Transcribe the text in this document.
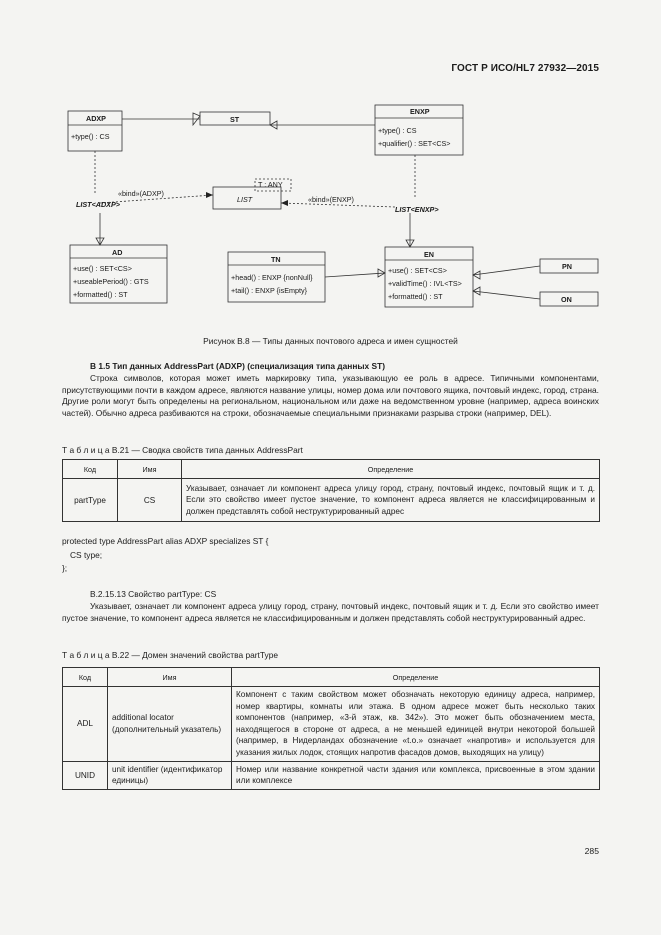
ГОСТ Р ИСО/HL7 27932—2015
ADXP
+type() : CS
ST
ENXP
+type() : CS
+qualifier() : SET<CS>
T : ANY
LIST
«bind»(ADXP)
«bind»(ENXP)
LIST<ADXP>
LIST<ENXP>
AD
+use() : SET<CS>
+useablePeriod() : GTS
+formatted() : ST
TN
+head() : ENXP {nonNull}
+tail() : ENXP {isEmpty}
EN
+use() : SET<CS>
+validTime() : IVL<TS>
+formatted() : ST
PN
ON
Рисунок B.8 — Типы данных почтового адреса и имен сущностей
B 1.5 Тип данных AddressPart (ADXP) (специализация типа данных ST)

Строка символов, которая может иметь маркировку типа, указывающую ее роль в адресе. Типичными компонентами, присутствующими почти в каждом адресе, являются название улицы, номер дома или почтового ящика, почтовый индекс, город, страна. Другие роли могут быть определены на региональном, национальном или даже на ведомственном уровне (например, адреса воинских частей). Обычно адреса разбиваются на строки, обозначаемые специальными признаками разрыва строки (например, DEL).

Т а б л и ц а B.21 — Сводка свойств типа данных AddressPart
Код	Имя	Определение
partType	CS	Указывает, означает ли компонент адреса улицу город, страну, почтовый индекс, почтовый ящик и т. д. Если это свойство имеет пустое значение, то компонент адреса является не классифицированным и должен представлять собой неструктурированный адрес
protected type AddressPart alias ADXP specializes ST {
CS type;
};
B.2.15.13 Свойство partType: CS

Указывает, означает ли компонент адреса улицу город, страну, почтовый индекс, почтовый ящик и т. д. Если это свойство имеет пустое значение, то компонент адреса является не классифицированным и должен представлять собой неструктурированный адрес.

Т а б л и ц а B.22 — Домен значений свойства partType
Код	Имя	Определение
ADL	additional locator (дополнительный указатель)	Компонент с таким свойством может обозначать некоторую единицу адреса, например, номер квартиры, комнаты или этажа. В одном адресе может быть несколько таких компонентов (например, «3-й этаж, кв. 342»). Это может быть обозначением места, находящегося в стороне от адреса, а не меньшей единицей внутри некоторой большей (например, в Нидерландах обозначение «t.o.» означает «напротив» и используется для указания жилых лодок, стоящих напротив фасадов домов, выходящих на улицу)
UNID	unit identifier (идентификатор единицы)	Номер или название конкретной части здания или комплекса, присвоенные в этом здании или комплексе
285
